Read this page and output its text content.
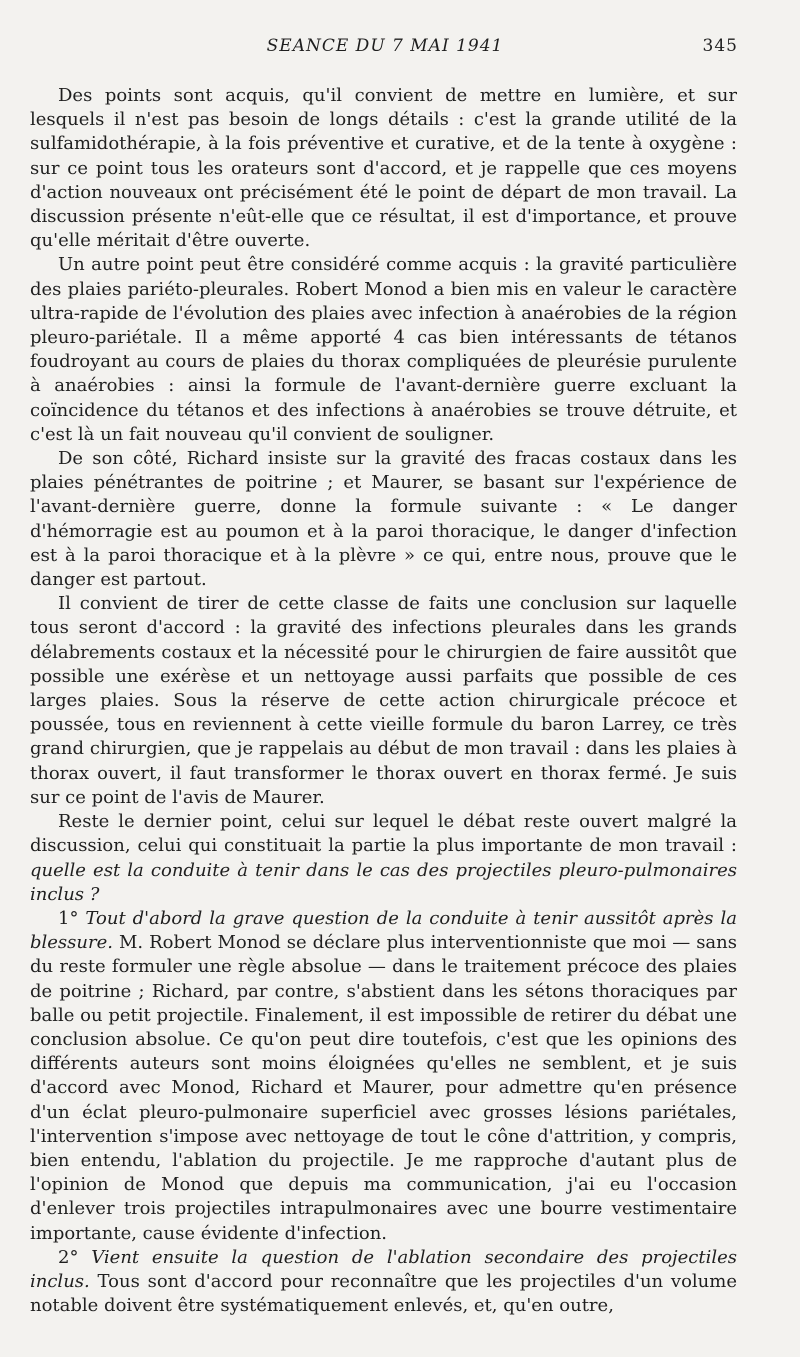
SEANCE DU 7 MAI 1941	345

Des points sont acquis, qu'il convient de mettre en lumière, et sur lesquels il n'est pas besoin de longs détails : c'est la grande utilité de la sulfamidothérapie, à la fois préventive et curative, et de la tente à oxygène : sur ce point tous les orateurs sont d'accord, et je rappelle que ces moyens d'action nouveaux ont précisément été le point de départ de mon travail. La discussion présente n'eût-elle que ce résultat, il est d'importance, et prouve qu'elle méritait d'être ouverte.

Un autre point peut être considéré comme acquis : la gravité particulière des plaies pariéto-pleurales. Robert Monod a bien mis en valeur le caractère ultra-rapide de l'évolution des plaies avec infection à anaérobies de la région pleuro-pariétale. Il a même apporté 4 cas bien intéressants de tétanos foudroyant au cours de plaies du thorax compliquées de pleurésie purulente à anaérobies : ainsi la formule de l'avant-dernière guerre excluant la coïncidence du tétanos et des infections à anaérobies se trouve détruite, et c'est là un fait nouveau qu'il convient de souligner.

De son côté, Richard insiste sur la gravité des fracas costaux dans les plaies pénétrantes de poitrine ; et Maurer, se basant sur l'expérience de l'avant-dernière guerre, donne la formule suivante : « Le danger d'hémorragie est au poumon et à la paroi thoracique, le danger d'infection est à la paroi thoracique et à la plèvre » ce qui, entre nous, prouve que le danger est partout.

Il convient de tirer de cette classe de faits une conclusion sur laquelle tous seront d'accord : la gravité des infections pleurales dans les grands délabrements costaux et la nécessité pour le chirurgien de faire aussitôt que possible une exérèse et un nettoyage aussi parfaits que possible de ces larges plaies. Sous la réserve de cette action chirurgicale précoce et poussée, tous en reviennent à cette vieille formule du baron Larrey, ce très grand chirurgien, que je rappelais au début de mon travail : dans les plaies à thorax ouvert, il faut transformer le thorax ouvert en thorax fermé. Je suis sur ce point de l'avis de Maurer.

Reste le dernier point, celui sur lequel le débat reste ouvert malgré la discussion, celui qui constituait la partie la plus importante de mon travail : quelle est la conduite à tenir dans le cas des projectiles pleuro-pulmonaires inclus ?

1° Tout d'abord la grave question de la conduite à tenir aussitôt après la blessure. M. Robert Monod se déclare plus interventionniste que moi — sans du reste formuler une règle absolue — dans le traitement précoce des plaies de poitrine ; Richard, par contre, s'abstient dans les sétons thoraciques par balle ou petit projectile. Finalement, il est impossible de retirer du débat une conclusion absolue. Ce qu'on peut dire toutefois, c'est que les opinions des différents auteurs sont moins éloignées qu'elles ne semblent, et je suis d'accord avec Monod, Richard et Maurer, pour admettre qu'en présence d'un éclat pleuro-pulmonaire superficiel avec grosses lésions pariétales, l'intervention s'impose avec nettoyage de tout le cône d'attrition, y compris, bien entendu, l'ablation du projectile. Je me rapproche d'autant plus de l'opinion de Monod que depuis ma communication, j'ai eu l'occasion d'enlever trois projectiles intrapulmonaires avec une bourre vestimentaire importante, cause évidente d'infection.

2° Vient ensuite la question de l'ablation secondaire des projectiles inclus. Tous sont d'accord pour reconnaître que les projectiles d'un volume notable doivent être systématiquement enlevés, et, qu'en outre,
